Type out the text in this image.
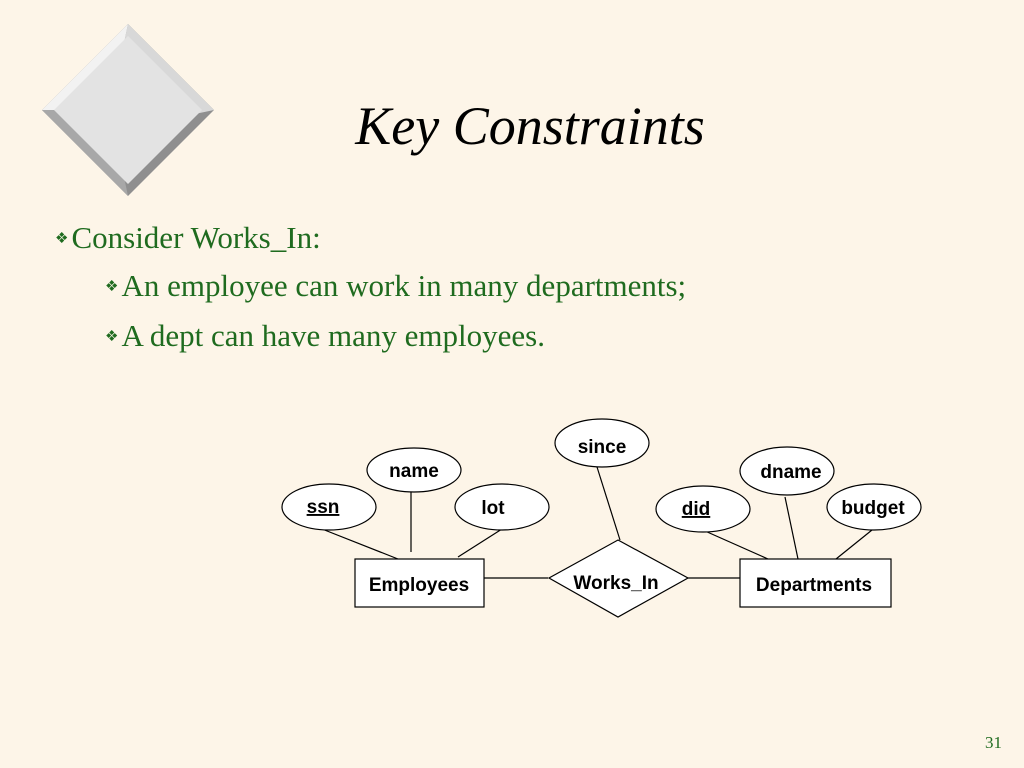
Key Constraints
❖Consider Works_In:
❖An employee can work in many departments;
❖A dept can have many employees.
ssn
name
lot
since
did
dname
budget
Employees	Departments
Works_In
31
